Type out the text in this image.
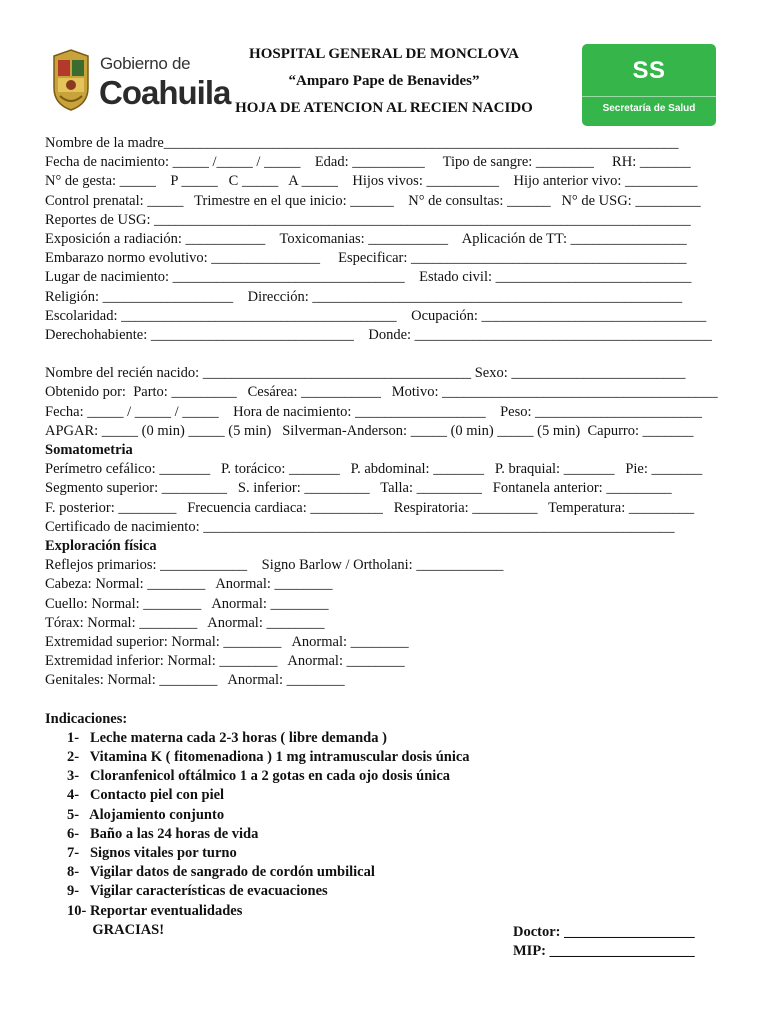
Gobierno de
Coahuila
HOSPITAL GENERAL DE MONCLOVA
“Amparo Pape de Benavides”
HOJA DE ATENCION AL RECIEN NACIDO
SS
Secretaría de Salud
Nombre de la madre_______________________________________________________________________
Fecha de nacimiento: _____ /_____ / _____    Edad: __________     Tipo de sangre: ________     RH: _______
N° de gesta: _____    P _____   C _____   A _____    Hijos vivos: __________    Hijo anterior vivo: __________
Control prenatal: _____   Trimestre en el que inicio: ______    N° de consultas: ______   N° de USG: _________
Reportes de USG: __________________________________________________________________________
Exposición a radiación: ___________    Toxicomanias: ___________    Aplicación de TT: ________________
Embarazo normo evolutivo: _______________     Especificar: ______________________________________
Lugar de nacimiento: ________________________________    Estado civil: ___________________________
Religión: __________________    Dirección: ___________________________________________________
Escolaridad: ______________________________________    Ocupación: _______________________________
Derechohabiente: ____________________________    Donde: _________________________________________
Nombre del recién nacido: _____________________________________ Sexo: ________________________
Obtenido por:  Parto: _________   Cesárea: ___________   Motivo: ______________________________________
Fecha: _____ / _____ / _____    Hora de nacimiento: __________________    Peso: _______________________
APGAR: _____ (0 min) _____ (5 min)   Silverman-Anderson: _____ (0 min) _____ (5 min)  Capurro: _______
Somatometria
Perímetro cefálico: _______   P. torácico: _______   P. abdominal: _______   P. braquial: _______   Pie: _______
Segmento superior: _________   S. inferior: _________   Talla: _________   Fontanela anterior: _________
F. posterior: ________   Frecuencia cardiaca: __________   Respiratoria: _________   Temperatura: _________
Certificado de nacimiento: _________________________________________________________________
Exploración física
Reflejos primarios: ____________    Signo Barlow / Ortholani: ____________
Cabeza: Normal: ________   Anormal: ________
Cuello: Normal: ________   Anormal: ________
Tórax: Normal: ________   Anormal: ________
Extremidad superior: Normal: ________   Anormal: ________
Extremidad inferior: Normal: ________   Anormal: ________
Genitales: Normal: ________   Anormal: ________
Indicaciones:
1-   Leche materna cada 2-3 horas ( libre demanda )
2-   Vitamina K ( fitomenadiona ) 1 mg intramuscular dosis única
3-   Cloranfenicol oftálmico 1 a 2 gotas en cada ojo dosis única
4-   Contacto piel con piel
5-   Alojamiento conjunto
6-   Baño a las 24 horas de vida
7-   Signos vitales por turno
8-   Vigilar datos de sangrado de cordón umbilical
9-   Vigilar características de evacuaciones
10- Reportar eventualidades
GRACIAS!	Doctor: __________________
MIP: ____________________
